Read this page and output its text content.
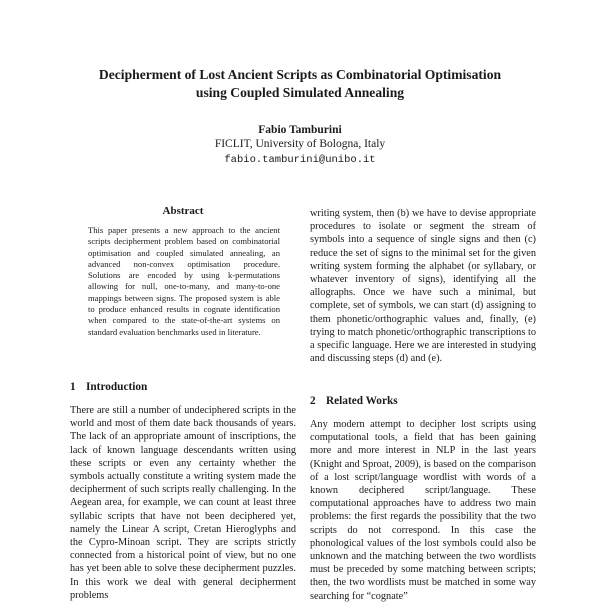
Decipherment of Lost Ancient Scripts as Combinatorial Optimisation
using Coupled Simulated Annealing
Fabio Tamburini
FICLIT, University of Bologna, Italy
fabio.tamburini@unibo.it
Abstract

This paper presents a new approach to the ancient scripts decipherment problem based on combinatorial optimisation and coupled simulated annealing, an advanced non-convex optimisation procedure. Solutions are encoded by using k-permutations allowing for null, one-to-many, and many-to-one mappings between signs. The proposed system is able to produce enhanced results in cognate identification when compared to the state-of-the-art systems on standard evaluation benchmarks used in literature.

1 Introduction

There are still a number of undeciphered scripts in the world and most of them date back thousands of years. The lack of an appropriate amount of inscriptions, the lack of known language descendants written using these scripts or even any certainty whether the symbols actually constitute a writing system made the decipherment of such scripts really challenging. In the Aegean area, for example, we can count at least three syllabic scripts that have not been deciphered yet, namely the Linear A script, Cretan Hieroglyphs and the Cypro-Minoan script. They are scripts strictly connected from a historical point of view, but no one has yet been able to solve these decipherment puzzles. In this work we deal with general decipherment problems

writing system, then (b) we have to devise appropriate procedures to isolate or segment the stream of symbols into a sequence of single signs and then (c) reduce the set of signs to the minimal set for the given writing system forming the alphabet (or syllabary, or whatever inventory of signs), identifying all the allographs. Once we have such a minimal, but complete, set of symbols, we can start (d) assigning to them phonetic/orthographic values and, finally, (e) trying to match phonetic/orthographic transcriptions to a specific language. Here we are interested in studying and discussing steps (d) and (e).

2 Related Works

Any modern attempt to decipher lost scripts using computational tools, a field that has been gaining more and more interest in NLP in the last years (Knight and Sproat, 2009), is based on the comparison of a lost script/language wordlist with words of a known deciphered script/language. These computational approaches have to address two main problems: the first regards the possibility that the two scripts do not correspond. In this case the phonological values of the lost symbols could also be unknown and the matching between the two wordlists must be preceded by some matching between scripts; then, the two wordlists must be matched in some way searching for “cognate”
